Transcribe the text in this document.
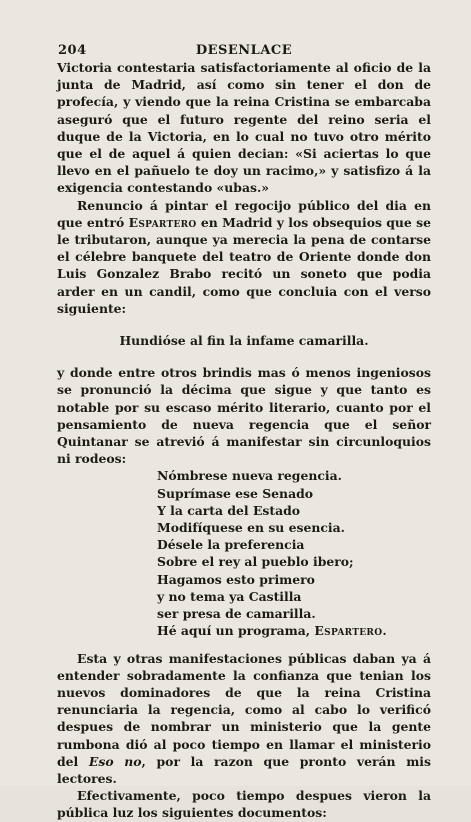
204	DESENLACE

Victoria contestaria satisfactoriamente al oficio de la junta de Madrid, así como sin tener el don de profecía, y viendo que la reina Cristina se embarcaba aseguró que el futuro regente del reino seria el duque de la Victoria, en lo cual no tuvo otro mérito que el de aquel á quien decian: «Si aciertas lo que llevo en el pañuelo te doy un racimo,» y satisfizo á la exigencia contestando «ubas.»

Renuncio á pintar el regocijo público del dia en que entró Espartero en Madrid y los obsequios que se le tributaron, aunque ya merecia la pena de contarse el célebre banquete del teatro de Oriente donde don Luis Gonzalez Brabo recitó un soneto que podia arder en un candil, como que concluia con el verso siguiente:

Hundióse al fin la infame camarilla.

y donde entre otros brindis mas ó menos ingeniosos se pronunció la décima que sigue y que tanto es notable por su escaso mérito literario, cuanto por el pensamiento de nueva regencia que el señor Quintanar se atrevió á manifestar sin circunloquios ni rodeos:

Nómbrese nueva regencia.
Suprímase ese Senado
Y la carta del Estado
Modifíquese en su esencia.
Désele la preferencia
Sobre el rey al pueblo ibero;
Hagamos esto primero
y no tema ya Castilla
ser presa de camarilla.
Hé aquí un programa, Espartero.

Esta y otras manifestaciones públicas daban ya á entender sobradamente la confianza que tenian los nuevos dominadores de que la reina Cristina renunciaria la regencia, como al cabo lo verificó despues de nombrar un ministerio que la gente rumbona dió al poco tiempo en llamar el ministerio del Eso no, por la razon que pronto verán mis lectores.

Efectivamente, poco tiempo despues vieron la pública luz los siguientes documentos:
